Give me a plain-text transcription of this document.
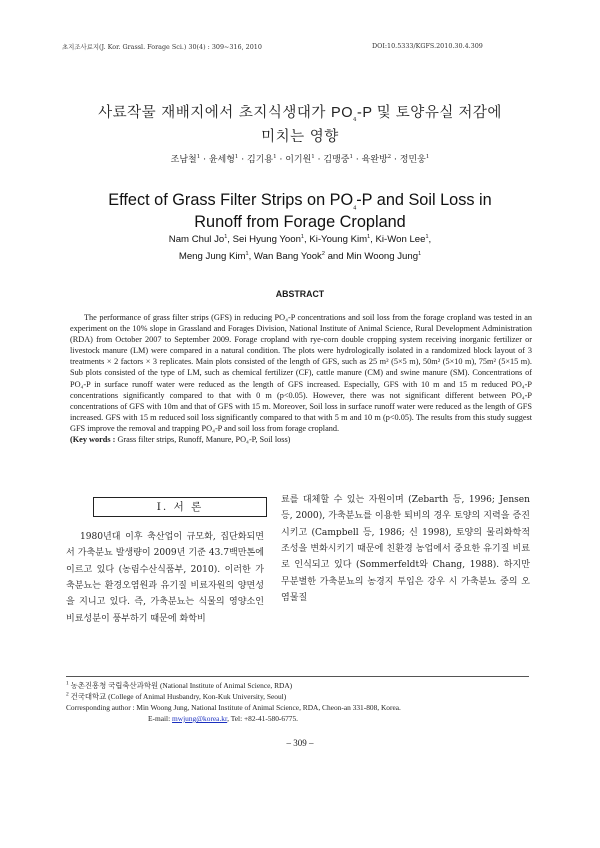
초지조사료지(J. Kor. Grassl. Forage Sci.) 30(4) : 309~316, 2010	DOI:10.5333/KGFS.2010.30.4.309
사료작물 재배지에서 초지식생대가 $PO_4-P$ 및 토양유실 저감에
미치는 영향
조남철$^1$ · 윤세형$^1$ · 김기용$^1$ · 이기원$^1$ · 김맹중$^1$ · 육완방$^2$ · 정민웅$^1$
Effect of Grass Filter Strips on $PO_4-P$ and Soil Loss in
Runoff from Forage Cropland
Nam Chul Jo$^1$, Sei Hyung Yoon$^1$, Ki-Young Kim$^1$, Ki-Won Lee$^1$,
Meng Jung Kim$^1$, Wan Bang Yook$^2$ and Min Woong Jung$^1$
ABSTRACT

The performance of grass filter strips (GFS) in reducing PO₄-P concentrations and soil loss from the forage cropland was tested in an experiment on the 10% slope in Grassland and Forages Division, National Institute of Animal Science, Rural Development Administration (RDA) from October 2007 to September 2009. Forage cropland with rye-corn double cropping system receiving inorganic fertilizer or livestock manure (LM) were compared in a natural condition. The plots were hydrologically isolated in a randomized block layout of 3 treatments × 2 factors × 3 replicates. Main plots consisted of the length of GFS, such as 25 m² (5×5 m), 50m² (5×10 m), 75m² (5×15 m). Sub plots consisted of the type of LM, such as chemical fertilizer (CF), cattle manure (CM) and swine manure (SM). Concentrations of PO₄-P in surface runoff water were reduced as the length of GFS increased. Especially, GFS with 10 m and 15 m reduced PO₄-P concentrations significantly compared to that with 0 m (p<0.05). However, there was not significant different between PO₄-P concentrations of GFS with 10m and that of GFS with 15 m. Moreover, Soil loss in surface runoff water were reduced as the length of GFS increased. GFS with 15 m reduced soil loss significantly compared to that with 5 m and 10 m (p<0.05). The results from this study suggest GFS improve the removal and trapping PO₄-P and soil loss from forage cropland.

(Key words : Grass filter strips, Runoff, Manure, PO₄-P, Soil loss)
Ⅰ. 서 론

1980년대 이후 축산업이 규모화, 집단화되면서 가축분뇨 발생량이 2009년 기준 43.7백만톤에 이르고 있다 (농림수산식품부, 2010). 이러한 가축분뇨는 환경오염원과 유기질 비료자원의 양면성을 지니고 있다. 즉, 가축분뇨는 식물의 영양소인 비료성분이 풍부하기 때문에 화학비

료를 대체할 수 있는 자원이며 (Zebarth 등, 1996; Jensen 등, 2000), 가축분뇨를 이용한 퇴비의 경우 토양의 지력을 증진시키고 (Campbell 등, 1986; 신 1998), 토양의 물리화학적 조성을 변화시키기 때문에 친환경 농업에서 중요한 유기질 비료로 인식되고 있다 (Sommerfeldt와 Chang, 1988). 하지만 무분별한 가축분뇨의 농경지 투입은 강우 시 가축분뇨 중의 오염물질

$^1$ 농촌진흥청 국립축산과학원 (National Institute of Animal Science, RDA)
$^2$ 건국대학교 (College of Animal Husbandry, Kon-Kuk University, Seoul)
Corresponding author : Min Woong Jung, National Institute of Animal Science, RDA, Cheon-an 331-808, Korea.
E-mail: mwjung@korea.kr, Tel: +82-41-580-6775.
– 309 –
